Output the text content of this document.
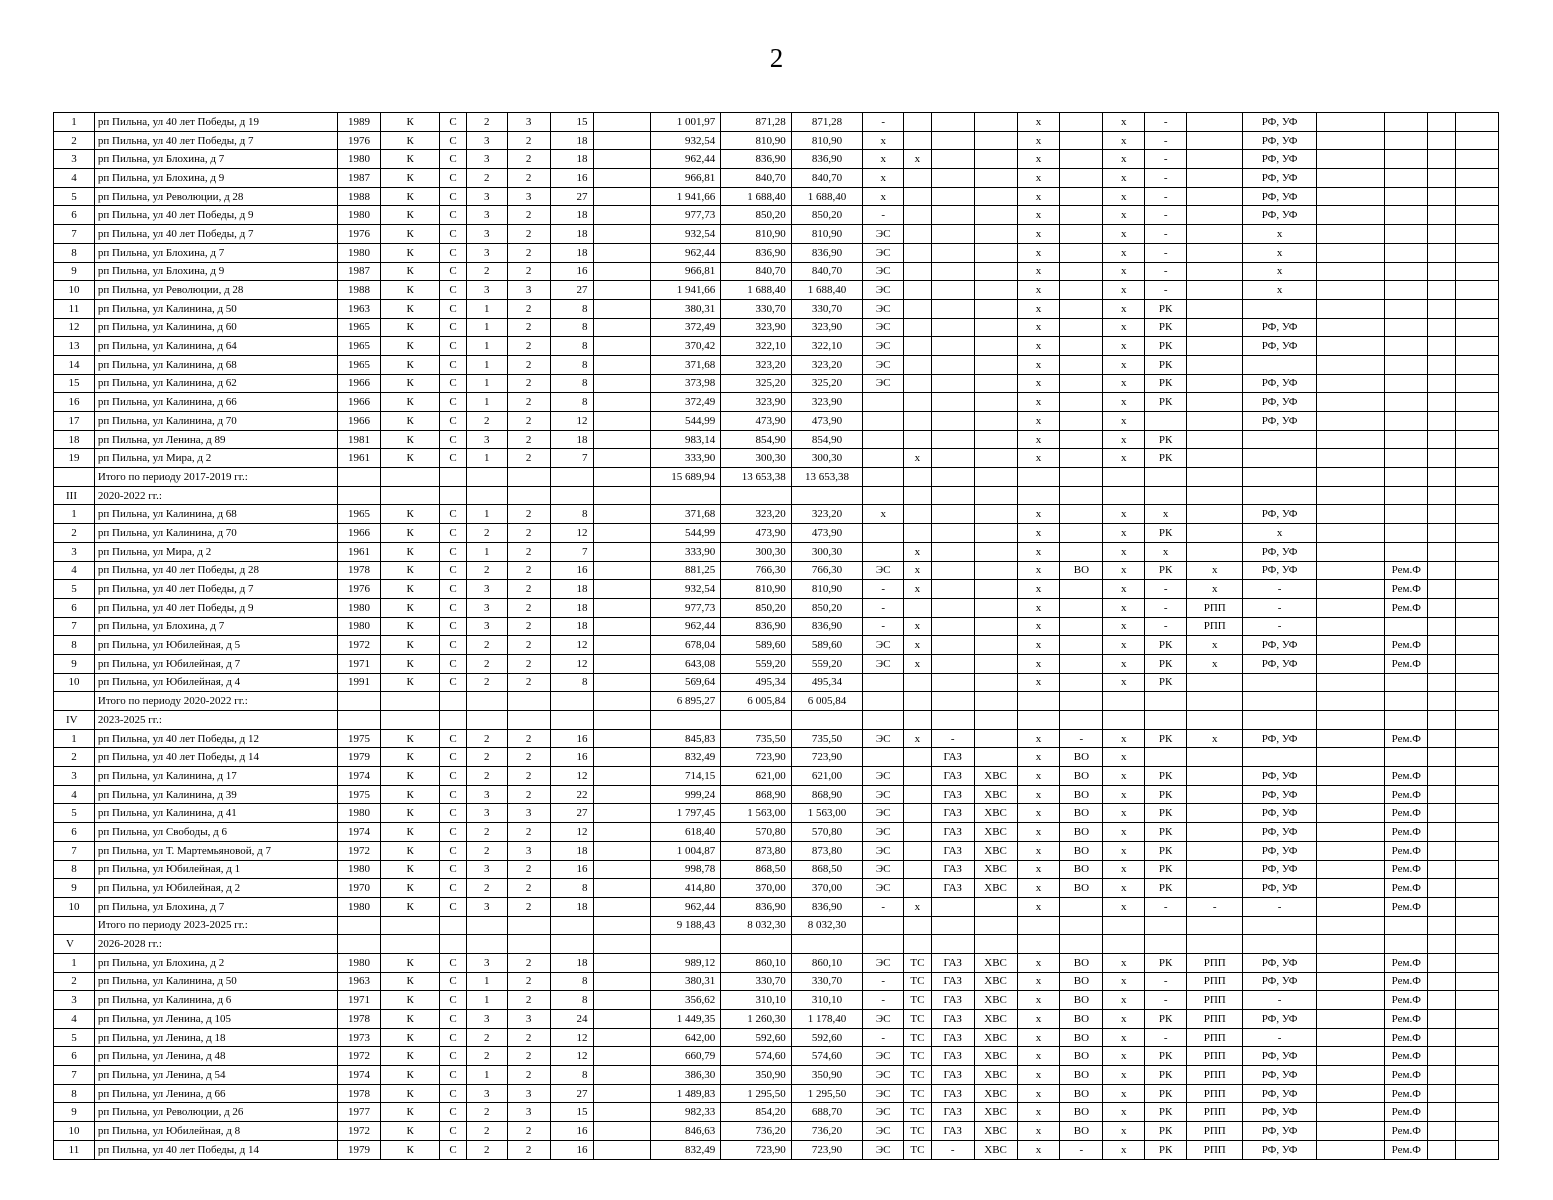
2
1	рп Пильна, ул 40 лет Победы, д 19	1989	К	С	2	3	15		1 001,97	871,28	871,28	-				x		x	-		РФ, УФ				
2	рп Пильна, ул 40 лет Победы, д 7	1976	К	С	3	2	18		932,54	810,90	810,90	x				x		x	-		РФ, УФ				
3	рп Пильна, ул Блохина, д 7	1980	К	С	3	2	18		962,44	836,90	836,90	x	x			x		x	-		РФ, УФ				
4	рп Пильна, ул Блохина, д 9	1987	К	С	2	2	16		966,81	840,70	840,70	x				x		x	-		РФ, УФ				
5	рп Пильна, ул Революции, д 28	1988	К	С	3	3	27		1 941,66	1 688,40	1 688,40	x				x		x	-		РФ, УФ				
6	рп Пильна, ул 40 лет Победы, д 9	1980	К	С	3	2	18		977,73	850,20	850,20	-				x		x	-		РФ, УФ				
7	рп Пильна, ул 40 лет Победы, д 7	1976	К	С	3	2	18		932,54	810,90	810,90	ЭС				x		x	-		x				
8	рп Пильна, ул Блохина, д 7	1980	К	С	3	2	18		962,44	836,90	836,90	ЭС				x		x	-		x				
9	рп Пильна, ул Блохина, д 9	1987	К	С	2	2	16		966,81	840,70	840,70	ЭС				x		x	-		x				
10	рп Пильна, ул Революции, д 28	1988	К	С	3	3	27		1 941,66	1 688,40	1 688,40	ЭС				x		x	-		x				
11	рп Пильна, ул Калинина, д 50	1963	К	С	1	2	8		380,31	330,70	330,70	ЭС				x		x	РК						
12	рп Пильна, ул Калинина, д 60	1965	К	С	1	2	8		372,49	323,90	323,90	ЭС				x		x	РК		РФ, УФ				
13	рп Пильна, ул Калинина, д 64	1965	К	С	1	2	8		370,42	322,10	322,10	ЭС				x		x	РК		РФ, УФ				
14	рп Пильна, ул Калинина, д 68	1965	К	С	1	2	8		371,68	323,20	323,20	ЭС				x		x	РК						
15	рп Пильна, ул Калинина, д 62	1966	К	С	1	2	8		373,98	325,20	325,20	ЭС				x		x	РК		РФ, УФ				
16	рп Пильна, ул Калинина, д 66	1966	К	С	1	2	8		372,49	323,90	323,90					x		x	РК		РФ, УФ				
17	рп Пильна, ул Калинина, д 70	1966	К	С	2	2	12		544,99	473,90	473,90					x		x			РФ, УФ				
18	рп Пильна, ул Ленина, д 89	1981	К	С	3	2	18		983,14	854,90	854,90					x		x	РК						
19	рп Пильна, ул Мира, д 2	1961	К	С	1	2	7		333,90	300,30	300,30		x			x		x	РК						
	Итого по периоду 2017-2019 гг.:								15 689,94	13 653,38	13 653,38														
III	2020-2022 гг.:																								
1	рп Пильна, ул Калинина, д 68	1965	К	С	1	2	8		371,68	323,20	323,20	x				x		x	x		РФ, УФ				
2	рп Пильна, ул Калинина, д 70	1966	К	С	2	2	12		544,99	473,90	473,90					x		x	РК		x				
3	рп Пильна, ул Мира, д 2	1961	К	С	1	2	7		333,90	300,30	300,30		x			x		x	x		РФ, УФ				
4	рп Пильна, ул 40 лет Победы, д 28	1978	К	С	2	2	16		881,25	766,30	766,30	ЭС	x			x	ВО	x	РК	x	РФ, УФ		Рем.Ф		
5	рп Пильна, ул 40 лет Победы, д 7	1976	К	С	3	2	18		932,54	810,90	810,90	-	x			x		x	-	x	-		Рем.Ф		
6	рп Пильна, ул 40 лет Победы, д 9	1980	К	С	3	2	18		977,73	850,20	850,20	-				x		x	-	РПП	-		Рем.Ф		
7	рп Пильна, ул Блохина, д 7	1980	К	С	3	2	18		962,44	836,90	836,90	-	x			x		x	-	РПП	-				
8	рп Пильна, ул Юбилейная, д 5	1972	К	С	2	2	12		678,04	589,60	589,60	ЭС	x			x		x	РК	x	РФ, УФ		Рем.Ф		
9	рп Пильна, ул Юбилейная, д 7	1971	К	С	2	2	12		643,08	559,20	559,20	ЭС	x			x		x	РК	x	РФ, УФ		Рем.Ф		
10	рп Пильна, ул Юбилейная, д 4	1991	К	С	2	2	8		569,64	495,34	495,34					x		x	РК						
	Итого по периоду 2020-2022 гг.:								6 895,27	6 005,84	6 005,84														
IV	2023-2025 гг.:																								
1	рп Пильна, ул 40 лет Победы, д 12	1975	К	С	2	2	16		845,83	735,50	735,50	ЭС	x	-		x	-	x	РК	x	РФ, УФ		Рем.Ф		
2	рп Пильна, ул 40 лет Победы, д 14	1979	К	С	2	2	16		832,49	723,90	723,90			ГАЗ		x	ВО	x							
3	рп Пильна, ул Калинина, д 17	1974	К	С	2	2	12		714,15	621,00	621,00	ЭС		ГАЗ	ХВС	x	ВО	x	РК		РФ, УФ		Рем.Ф		
4	рп Пильна, ул Калинина, д 39	1975	К	С	3	2	22		999,24	868,90	868,90	ЭС		ГАЗ	ХВС	x	ВО	x	РК		РФ, УФ		Рем.Ф		
5	рп Пильна, ул Калинина, д 41	1980	К	С	3	3	27		1 797,45	1 563,00	1 563,00	ЭС		ГАЗ	ХВС	x	ВО	x	РК		РФ, УФ		Рем.Ф		
6	рп Пильна, ул Свободы, д 6	1974	К	С	2	2	12		618,40	570,80	570,80	ЭС		ГАЗ	ХВС	x	ВО	x	РК		РФ, УФ		Рем.Ф		
7	рп Пильна, ул Т. Мартемьяновой, д 7	1972	К	С	2	3	18		1 004,87	873,80	873,80	ЭС		ГАЗ	ХВС	x	ВО	x	РК		РФ, УФ		Рем.Ф		
8	рп Пильна, ул Юбилейная, д 1	1980	К	С	3	2	16		998,78	868,50	868,50	ЭС		ГАЗ	ХВС	x	ВО	x	РК		РФ, УФ		Рем.Ф		
9	рп Пильна, ул Юбилейная, д 2	1970	К	С	2	2	8		414,80	370,00	370,00	ЭС		ГАЗ	ХВС	x	ВО	x	РК		РФ, УФ		Рем.Ф		
10	рп Пильна, ул Блохина, д 7	1980	К	С	3	2	18		962,44	836,90	836,90	-	x			x		x	-	-	-		Рем.Ф		
	Итого по периоду 2023-2025 гг.:								9 188,43	8 032,30	8 032,30														
V	2026-2028 гг.:																								
1	рп Пильна, ул Блохина, д 2	1980	К	С	3	2	18		989,12	860,10	860,10	ЭС	ТС	ГАЗ	ХВС	x	ВО	x	РК	РПП	РФ, УФ		Рем.Ф		
2	рп Пильна, ул Калинина, д 50	1963	К	С	1	2	8		380,31	330,70	330,70	-	ТС	ГАЗ	ХВС	x	ВО	x	-	РПП	РФ, УФ		Рем.Ф		
3	рп Пильна, ул Калинина, д 6	1971	К	С	1	2	8		356,62	310,10	310,10	-	ТС	ГАЗ	ХВС	x	ВО	x	-	РПП	-		Рем.Ф		
4	рп Пильна, ул Ленина, д 105	1978	К	С	3	3	24		1 449,35	1 260,30	1 178,40	ЭС	ТС	ГАЗ	ХВС	x	ВО	x	РК	РПП	РФ, УФ		Рем.Ф		
5	рп Пильна, ул Ленина, д 18	1973	К	С	2	2	12		642,00	592,60	592,60	-	ТС	ГАЗ	ХВС	x	ВО	x	-	РПП	-		Рем.Ф		
6	рп Пильна, ул Ленина, д 48	1972	К	С	2	2	12		660,79	574,60	574,60	ЭС	ТС	ГАЗ	ХВС	x	ВО	x	РК	РПП	РФ, УФ		Рем.Ф		
7	рп Пильна, ул Ленина, д 54	1974	К	С	1	2	8		386,30	350,90	350,90	ЭС	ТС	ГАЗ	ХВС	x	ВО	x	РК	РПП	РФ, УФ		Рем.Ф		
8	рп Пильна, ул Ленина, д 66	1978	К	С	3	3	27		1 489,83	1 295,50	1 295,50	ЭС	ТС	ГАЗ	ХВС	x	ВО	x	РК	РПП	РФ, УФ		Рем.Ф		
9	рп Пильна, ул Революции, д 26	1977	К	С	2	3	15		982,33	854,20	688,70	ЭС	ТС	ГАЗ	ХВС	x	ВО	x	РК	РПП	РФ, УФ		Рем.Ф		
10	рп Пильна, ул Юбилейная, д 8	1972	К	С	2	2	16		846,63	736,20	736,20	ЭС	ТС	ГАЗ	ХВС	x	ВО	x	РК	РПП	РФ, УФ		Рем.Ф		
11	рп Пильна, ул 40 лет Победы, д 14	1979	К	С	2	2	16		832,49	723,90	723,90	ЭС	ТС	-	ХВС	x	-	x	РК	РПП	РФ, УФ		Рем.Ф		
